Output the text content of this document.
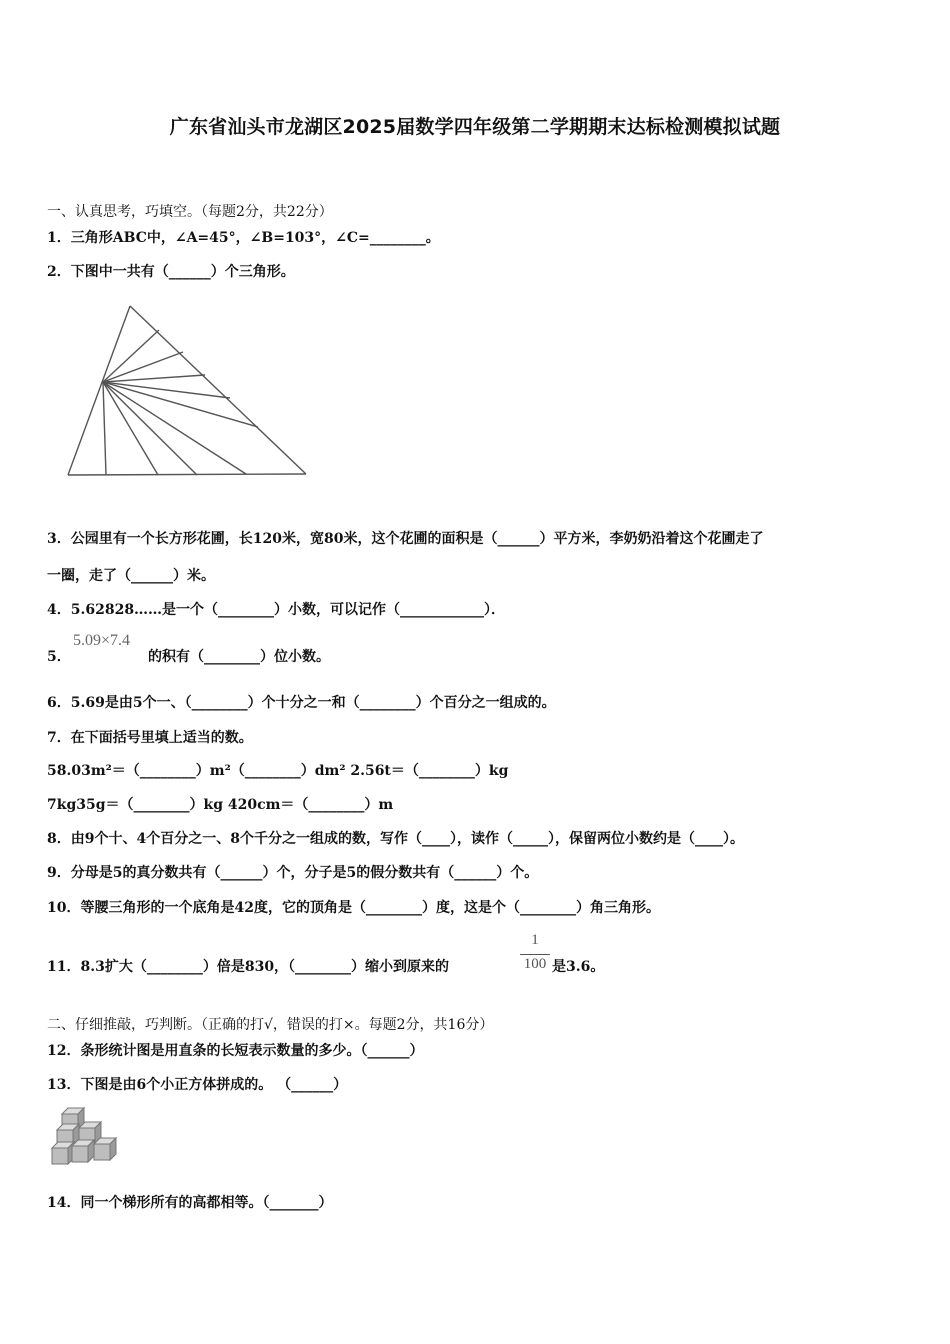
广东省汕头市龙湖区2025届数学四年级第二学期期末达标检测模拟试题
一、认真思考，巧填空。（每题2分，共22分）
1．三角形ABC中，∠A=45°，∠B=103°，∠C=________。
2．下图中一共有（______）个三角形。
3．公园里有一个长方形花圃，长120米，宽80米，这个花圃的面积是（______）平方米，李奶奶沿着这个花圃走了
一圈，走了（______）米。
4．5.62828……是一个（________）小数，可以记作（____________）．
5．
5.09×7.4
的积有（________）位小数。
6．5.69是由5个一、（________）个十分之一和（________）个百分之一组成的。
7．在下面括号里填上适当的数。
58.03m²＝（________）m²（________）dm² 2.56t＝（________）kg
7kg35g＝（________）kg 420cm＝（________）m
8．由9个十、4个百分之一、8个千分之一组成的数，写作（____），读作（_____），保留两位小数约是（____）。
9．分母是5的真分数共有（______）个，分子是5的假分数共有（______）个。
10．等腰三角形的一个底角是42度，它的顶角是（________）度，这是个（________）角三角形。
11．8.3扩大（________）倍是830，（________）缩小到原来的
1
100 是3.6。
二、仔细推敲，巧判断。（正确的打√，错误的打×。每题2分，共16分）
12．条形统计图是用直条的长短表示数量的多少。（______）
13．下图是由6个小正方体拼成的。 （______）
14．同一个梯形所有的高都相等。（_______）
